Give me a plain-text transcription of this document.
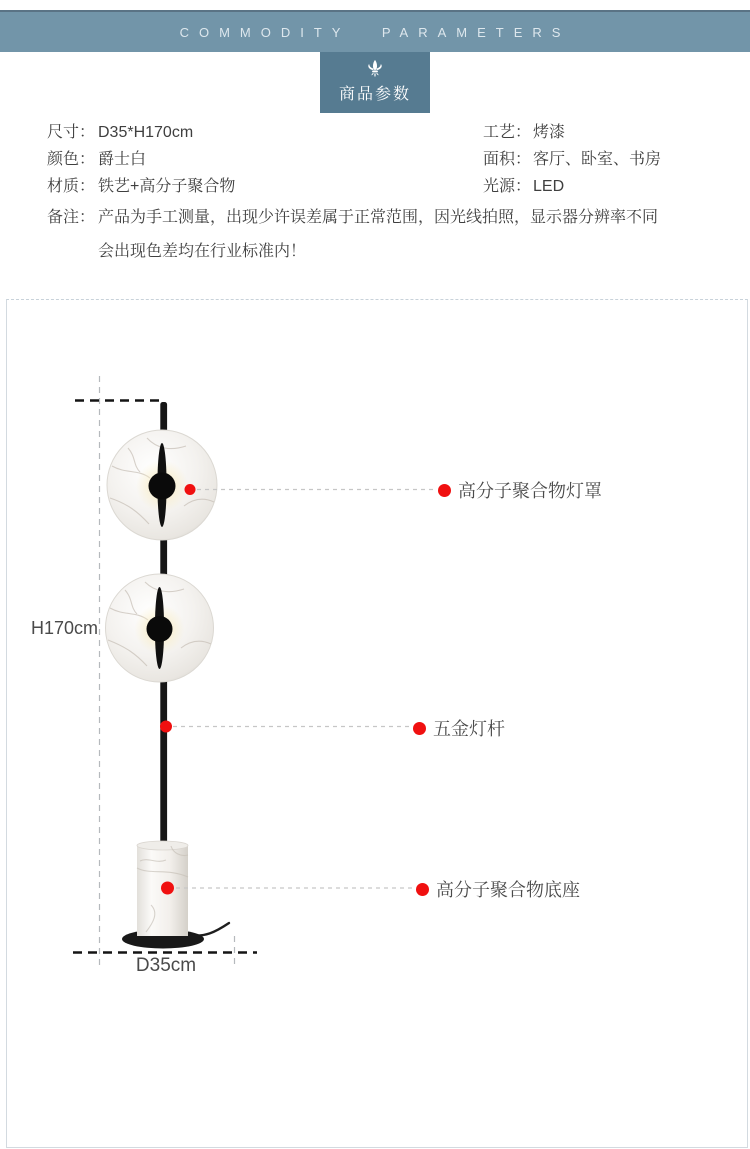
COMMODITY PARAMETERS
商品参数
尺寸： D35*H170cm
颜色： 爵士白
材质： 铁艺+高分子聚合物
备注： 产品为手工测量，出现少许误差属于正常范围，因光线拍照，显示器分辨率不同
会出现色差均在行业标准内！
工艺： 烤漆
面积： 客厅、卧室、书房
光源： LED
H170cm
D35cm
高分子聚合物灯罩
五金灯杆
高分子聚合物底座
